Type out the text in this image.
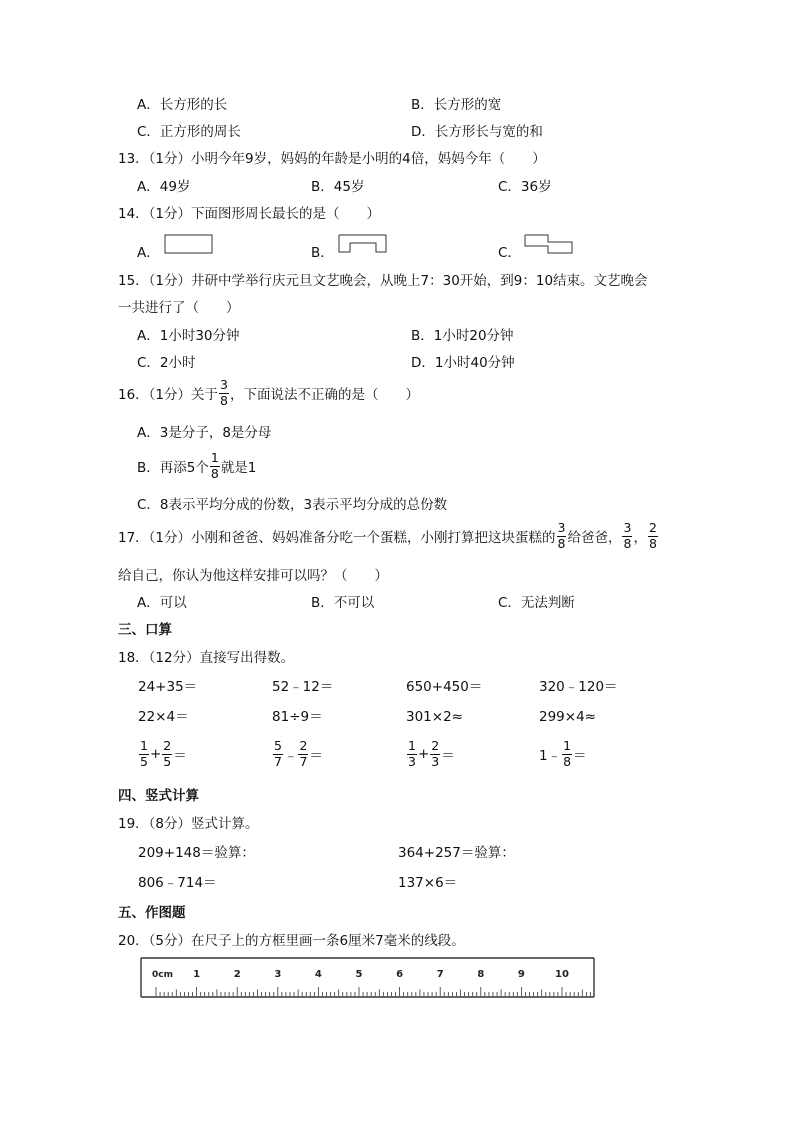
A．长方形的长	B．长方形的宽
C．正方形的周长	D．长方形长与宽的和
13．（1分）小明今年9岁，妈妈的年龄是小明的4倍，妈妈今年（　　）
A．49岁	B．45岁	C．36岁
14．（1分）下面图形周长最长的是（　　）
A．	B．	C．
15．（1分）井研中学举行庆元旦文艺晚会，从晚上7：30开始，到9：10结束。文艺晚会
一共进行了（　　）
A．1小时30分钟	B．1小时20分钟
C．2小时	D．1小时40分钟
16．（1分）关于 $\frac{3}{8}$ ，下面说法不正确的是（　　）
A．3是分子，8是分母
B．再添5个 $\frac{1}{8}$ 就是1
C．8表示平均分成的份数，3表示平均分成的总份数
17．（1分）小刚和爸爸、妈妈准备分吃一个蛋糕，小刚打算把这块蛋糕的 $\frac{3}{8}$ 给爸爸， $\frac{3}{8}$ ， $\frac{2}{8}$
给自己，你认为他这样安排可以吗？（　　）
A．可以	B．不可以	C．无法判断
三、口算
18．（12分）直接写出得数。
24+35＝	52﹣12＝	650+450＝	320﹣120＝
22×4＝	81÷9＝	301×2≈	299×4≈
$\frac{1}{5} + \frac{2}{5}$ ＝	$\frac{5}{7}$ ﹣ $\frac{2}{7}$ ＝	$\frac{1}{3} + \frac{2}{3}$ ＝	1﹣ $\frac{1}{8}$ ＝
四、竖式计算
19．（8分）竖式计算。
209+148＝验算：	364+257＝验算：
806﹣714＝	137×6＝
五、作图题
20．（5分）在尺子上的方框里画一条6厘米7毫米的线段。
0cm 1	2	3	4	5	6	7	8	9	10
